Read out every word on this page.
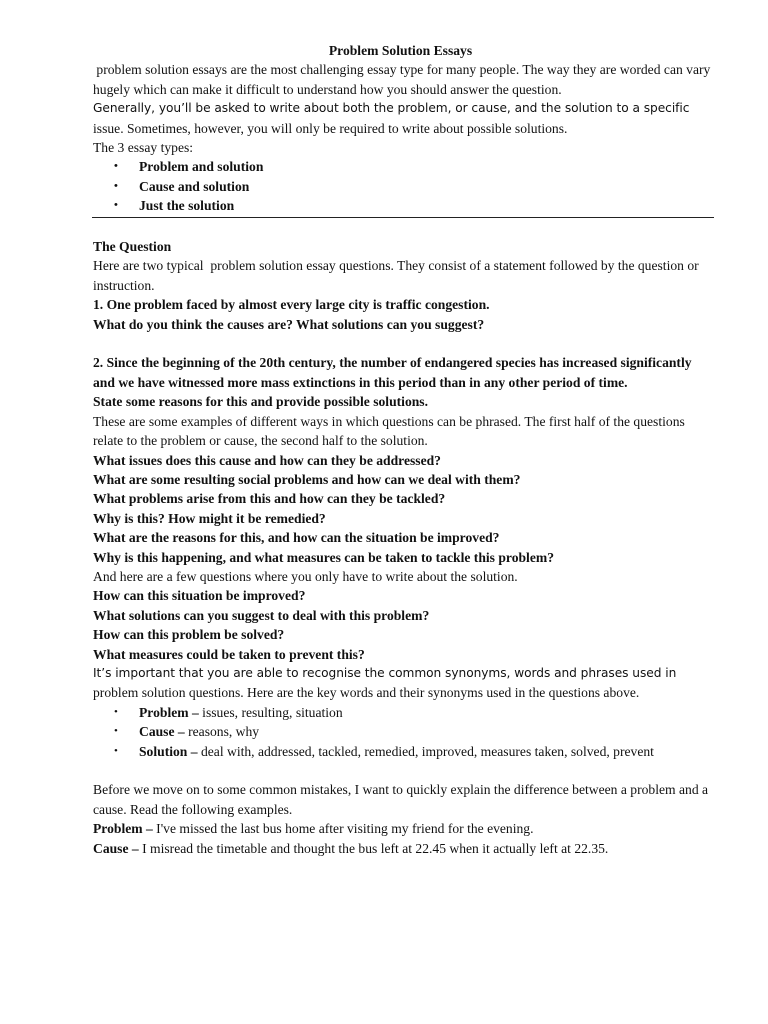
Problem Solution Essays

problem solution essays are the most challenging essay type for many people. The way they are worded can vary hugely which can make it difficult to understand how you should answer the question.

Generally, you’ll be asked to write about both the problem, or cause, and the solution to a specific

issue. Sometimes, however, you will only be required to write about possible solutions.

The 3 essay types:

• Problem and solution
• Cause and solution
• Just the solution

The Question

Here are two typical  problem solution essay questions. They consist of a statement followed by the question or instruction.

1. One problem faced by almost every large city is traffic congestion.

What do you think the causes are? What solutions can you suggest?

2. Since the beginning of the 20th century, the number of endangered species has increased significantly and we have witnessed more mass extinctions in this period than in any other period of time.

State some reasons for this and provide possible solutions.

These are some examples of different ways in which questions can be phrased. The first half of the questions relate to the problem or cause, the second half to the solution.

What issues does this cause and how can they be addressed?

What are some resulting social problems and how can we deal with them?

What problems arise from this and how can they be tackled?

Why is this? How might it be remedied?

What are the reasons for this, and how can the situation be improved?

Why is this happening, and what measures can be taken to tackle this problem?

And here are a few questions where you only have to write about the solution.

How can this situation be improved?

What solutions can you suggest to deal with this problem?

How can this problem be solved?

What measures could be taken to prevent this?

It’s important that you are able to recognise the common synonyms, words and phrases used in

problem solution questions. Here are the key words and their synonyms used in the questions above.

• Problem – issues, resulting, situation
• Cause – reasons, why
• Solution – deal with, addressed, tackled, remedied, improved, measures taken, solved, prevent

Before we move on to some common mistakes, I want to quickly explain the difference between a problem and a cause. Read the following examples.

Problem – I've missed the last bus home after visiting my friend for the evening.

Cause – I misread the timetable and thought the bus left at 22.45 when it actually left at 22.35.
